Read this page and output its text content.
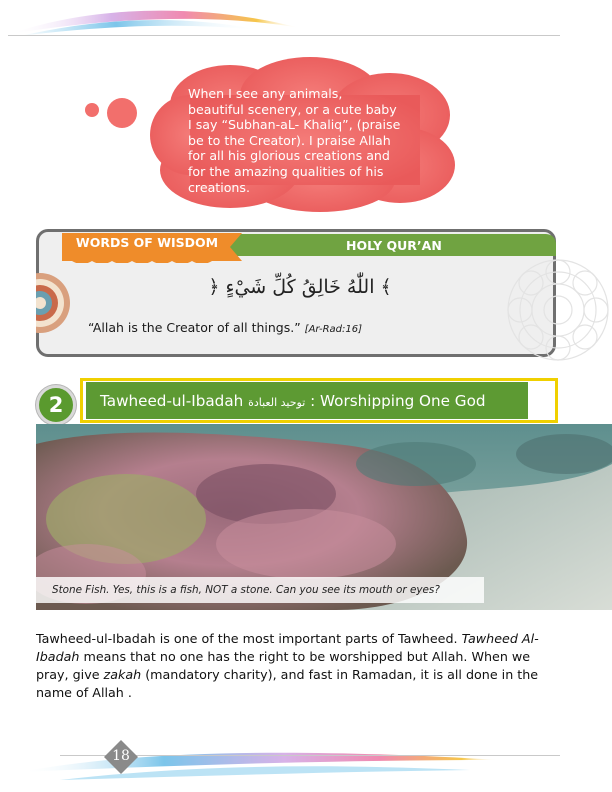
When I see any animals, beautiful scenery, or a cute baby I say “Subhan-aL- Khaliq”, (praise be to the Creator). I praise Allah for all his glorious creations and for the amazing qualities of his creations.
HOLY QUR’AN
WORDS OF WISDOM
﴿ اللّٰهُ خَالِقُ كُلِّ شَيْءٍ ﴾
“Allah is the Creator of all things.” [Ar-Rad:16]
2	Tawheed-ul-Ibadah توحيد العبادة : Worshipping One God
Stone Fish. Yes, this is a fish, NOT a stone. Can you see its mouth or eyes?
Tawheed-ul-Ibadah is one of the most important parts of Tawheed. Tawheed Al-Ibadah means that no one has the right to be worshipped but Allah. When we pray, give zakah (mandatory charity), and fast in Ramadan, it is all done in the name of Allah .
18
